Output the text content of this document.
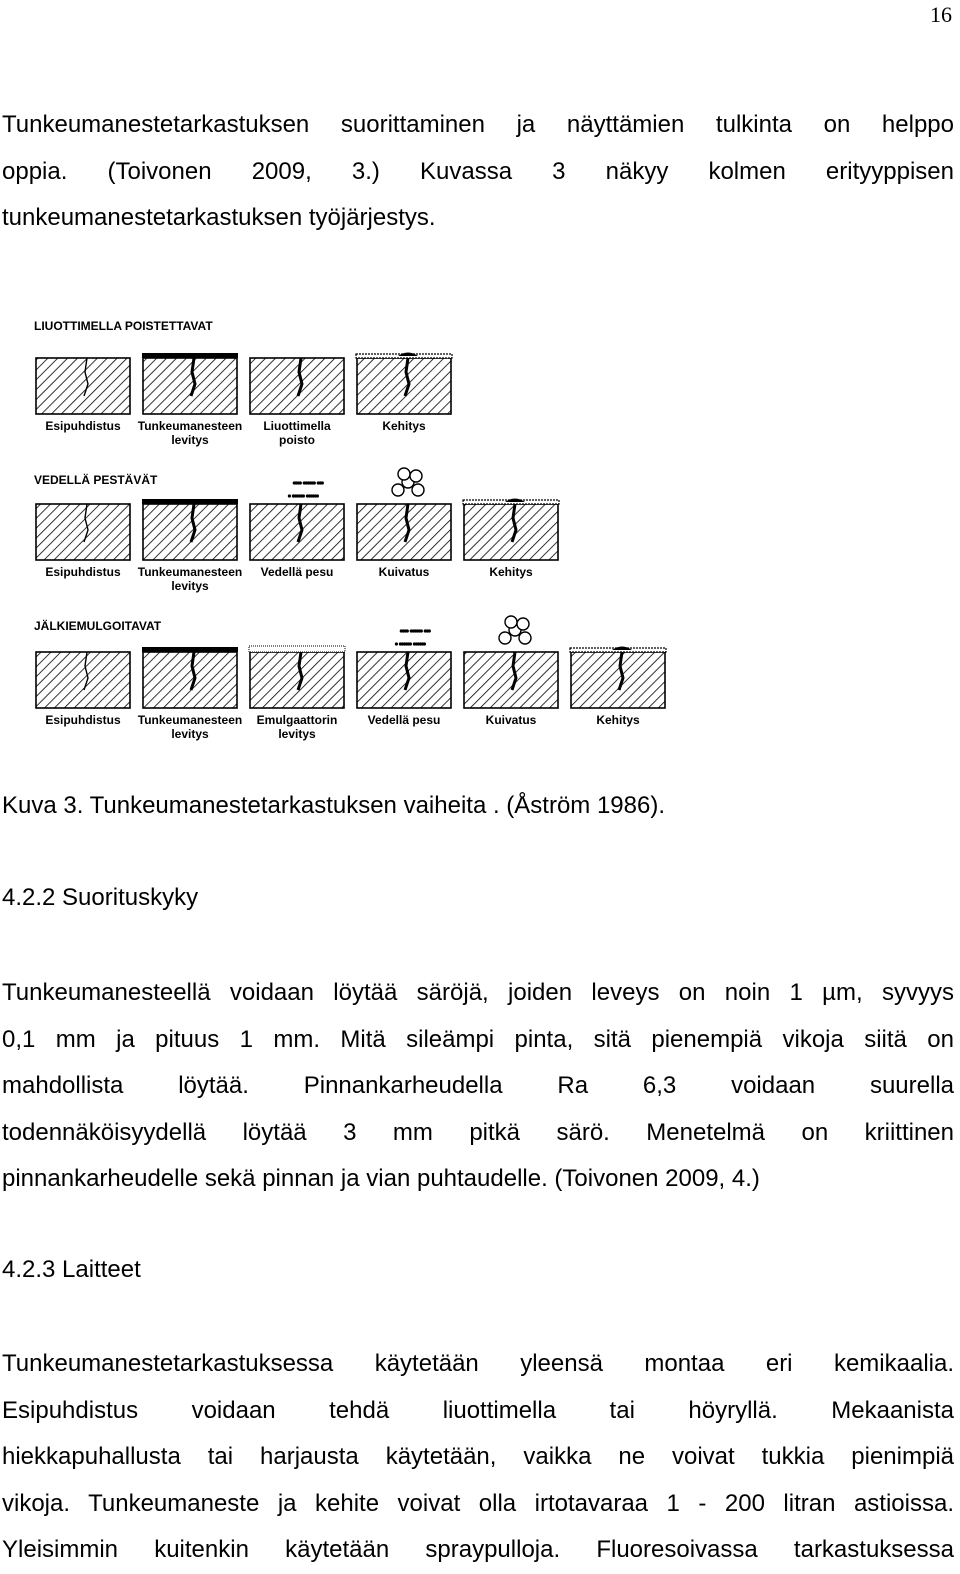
16
Tunkeumanestetarkastuksen suorittaminen ja näyttämien tulkinta on helppo
oppia. (Toivonen 2009, 3.) Kuvassa 3 näkyy kolmen erityyppisen
tunkeumanestetarkastuksen työjärjestys.
LIUOTTIMELLA POISTETTAVAT
Esipuhdistus Tunkeumanesteen
levitys
Liuottimella
poisto
Kehitys
VEDELLÄ PESTÄVÄT
Esipuhdistus Tunkeumanesteen
levitys
Vedellä pesu	Kuivatus	Kehitys
JÄLKIEMULGOITAVAT
Esipuhdistus Tunkeumanesteen
levitys
Emulgaattorin
levitys
Vedellä pesu	Kuivatus	Kehitys

Kuva 3. Tunkeumanestetarkastuksen vaiheita . (Åström 1986).

4.2.2 Suorituskyky
Tunkeumanesteellä voidaan löytää säröjä, joiden leveys on noin 1 µm, syvyys
0,1 mm ja pituus 1 mm. Mitä sileämpi pinta, sitä pienempiä vikoja siitä on
mahdollista löytää. Pinnankarheudella Ra 6,3 voidaan suurella
todennäköisyydellä löytää 3 mm pitkä särö. Menetelmä on kriittinen
pinnankarheudelle sekä pinnan ja vian puhtaudelle. (Toivonen 2009, 4.)
4.2.3 Laitteet
Tunkeumanestetarkastuksessa käytetään yleensä montaa eri kemikaalia.
Esipuhdistus voidaan tehdä liuottimella tai höyryllä. Mekaanista
hiekkapuhallusta tai harjausta käytetään, vaikka ne voivat tukkia pienimpiä
vikoja. Tunkeumaneste ja kehite voivat olla irtotavaraa 1 - 200 litran astioissa.
Yleisimmin kuitenkin käytetään spraypulloja. Fluoresoivassa tarkastuksessa
